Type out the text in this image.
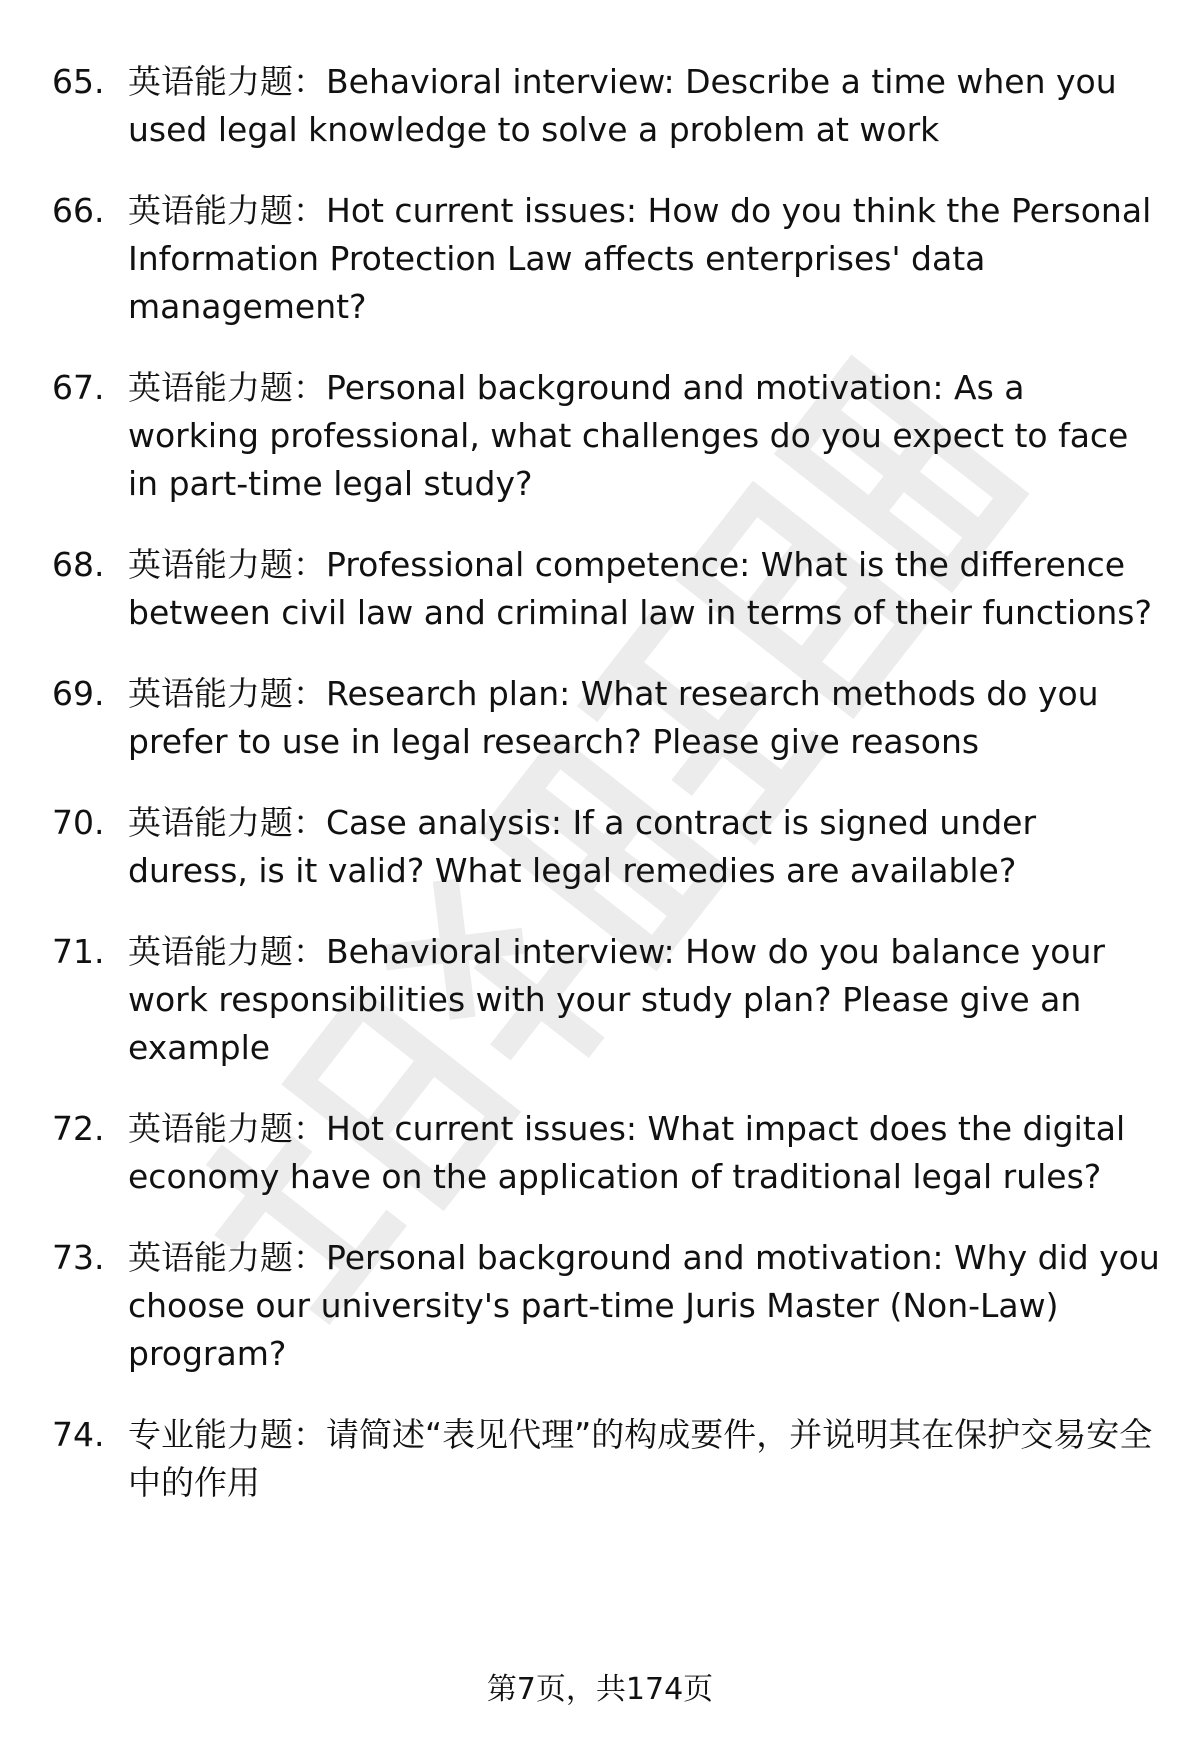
65. 英语能力题：Behavioral interview: Describe a time when you used legal knowledge to solve a problem at work
66. 英语能力题：Hot current issues: How do you think the Personal Information Protection Law affects enterprises' data management?
67. 英语能力题：Personal background and motivation: As a working professional, what challenges do you expect to face in part-time legal study?
68. 英语能力题：Professional competence: What is the difference between civil law and criminal law in terms of their functions?
69. 英语能力题：Research plan: What research methods do you prefer to use in legal research? Please give reasons
70. 英语能力题：Case analysis: If a contract is signed under duress, is it valid? What legal remedies are available?
71. 英语能力题：Behavioral interview: How do you balance your work responsibilities with your study plan? Please give an example
72. 英语能力题：Hot current issues: What impact does the digital economy have on the application of traditional legal rules?
73. 英语能力题：Personal background and motivation: Why did you choose our university's part-time Juris Master (Non-Law) program?
74. 专业能力题：请简述“表见代理”的构成要件，并说明其在保护交易安全中的作用
第7页，共174页
